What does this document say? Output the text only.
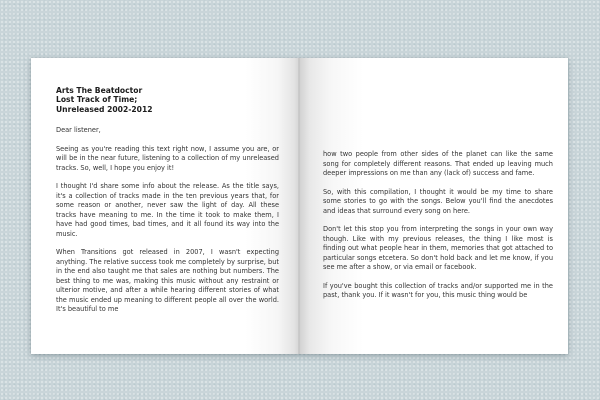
Arts The Beatdoctor
Lost Track of Time;
Unreleased 2002-2012

Dear listener,

Seeing as you're reading this text right now, I assume you are, or will be in the near future, listening to a collection of my unreleased tracks. So, well, I hope you enjoy it!

I thought I'd share some info about the release. As the title says, it's a collection of tracks made in the ten previous years that, for some reason or another, never saw the light of day. All these tracks have meaning to me. In the time it took to make them, I have had good times, bad times, and it all found its way into the music.

When Transitions got released in 2007, I wasn't expecting anything. The relative success took me completely by surprise, but in the end also taught me that sales are nothing but numbers. The best thing to me was, making this music without any restraint or ulterior motive, and after a while hearing different stories of what the music ended up meaning to different people all over the world. It's beautiful to me

how two people from other sides of the planet can like the same song for completely different reasons. That ended up leaving much deeper impressions on me than any (lack of) success and fame.

So, with this compilation, I thought it would be my time to share some stories to go with the songs. Below you'll find the anecdotes and ideas that surround every song on here.

Don't let this stop you from interpreting the songs in your own way though. Like with my previous releases, the thing I like most is finding out what people hear in them, memories that got attached to particular songs etcetera. So don't hold back and let me know, if you see me after a show, or via email or facebook.

If you've bought this collection of tracks and/or supported me in the past, thank you. If it wasn't for you, this music thing would be
